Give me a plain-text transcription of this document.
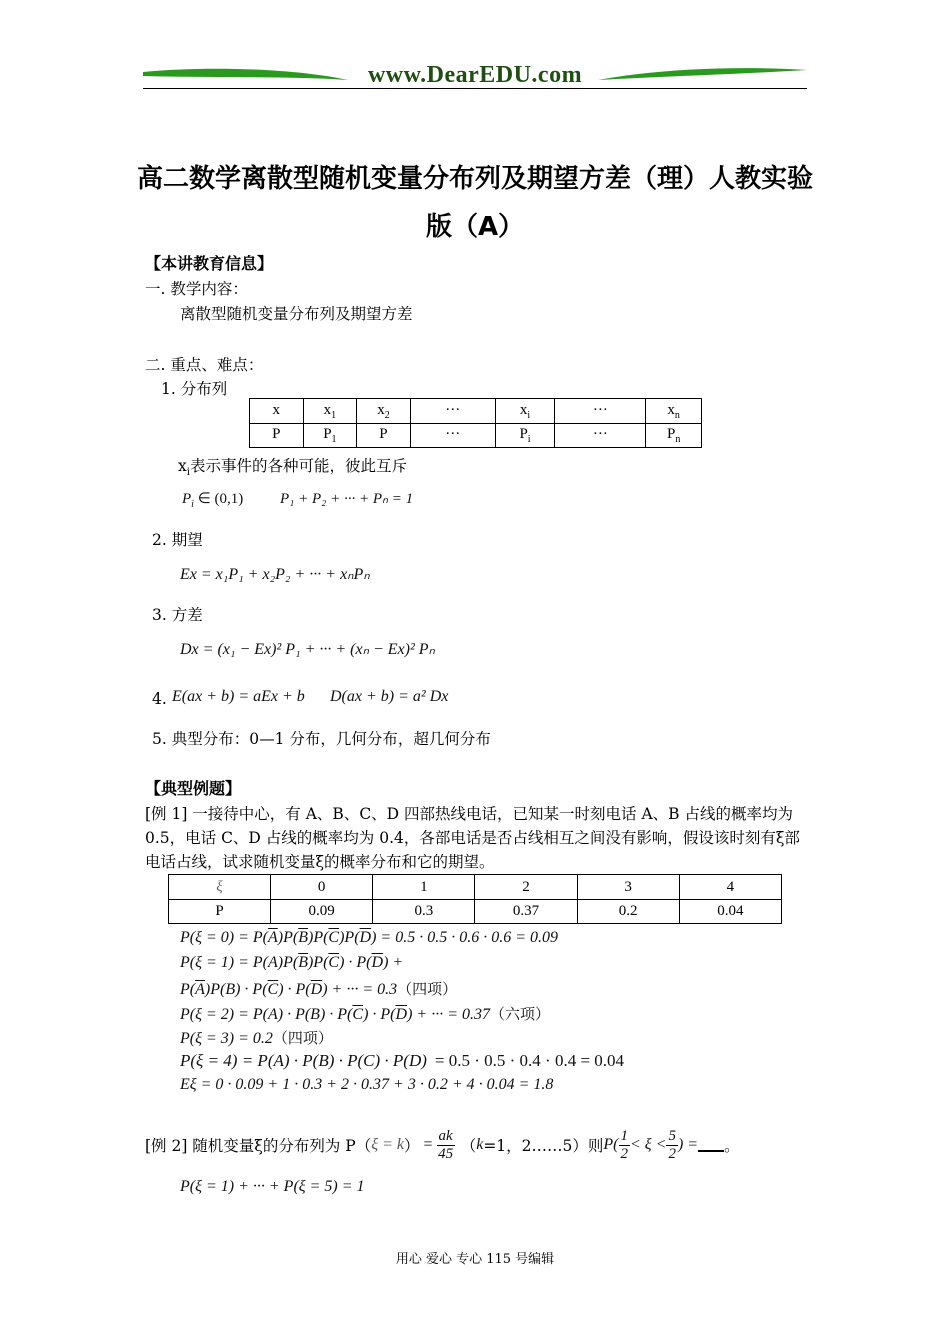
www.DearEDU.com
高二数学离散型随机变量分布列及期望方差（理）人教实验
版（A）
【本讲教育信息】
一. 教学内容：
离散型随机变量分布列及期望方差
二. 重点、难点：
1. 分布列
x	$x_1$	$x_2$	···	$x_i$	···	$x_n$
P	$P_1$	P	···	$P_i$	···	$P_n$
$x_i$表示事件的各种可能，彼此互斥
$P_i$ ∈ (0,1) P₁ + P₂ + ··· + Pₙ = 1
2. 期望
Ex = x₁P₁ + x₂P₂ + ··· + xₙPₙ
3. 方差
Dx = (x₁ − Ex)² P₁ + ··· + (xₙ − Ex)² Pₙ
4. E(ax + b) = aEx + b D(ax + b) = a² Dx
5. 典型分布：0—1 分布，几何分布，超几何分布
【典型例题】
[例 1] 一接待中心，有 A、B、C、D 四部热线电话，已知某一时刻电话 A、B 占线的概率均为
0.5，电话 C、D 占线的概率均为 0.4，各部电话是否占线相互之间没有影响，假设该时刻有ξ部
电话占线，试求随机变量ξ的概率分布和它的期望。
ξ	0	1	2	3	4
P	0.09	0.3	0.37	0.2	0.04
$P(\xi = 0) = P(\overline{A})P(\overline{B})P(\overline{C})P(\overline{D}) = 0.5 \cdot 0.5 \cdot 0.6 \cdot 0.6 = 0.09$
$P(\xi = 1) = P(A)P(\overline{B})P(\overline{C}) \cdot P(\overline{D})$ +
$P(\overline{A})P(B) \cdot P(\overline{C}) \cdot P(\overline{D})$ + ··· = 0.3（四项）
$P(\xi = 2) = P(A) \cdot P(B) \cdot P(\overline{C}) \cdot P(\overline{D})$ + ··· = 0.37（六项）
P(ξ = 3) = 0.2（四项）
P(ξ = 4) = P(A) · P(B) · P(C) · P(D) = 0.5 · 0.5 · 0.4 · 0.4 = 0.04
Eξ = 0 · 0.09 + 1 · 0.3 + 2 · 0.37 + 3 · 0.2 + 4 · 0.04 = 1.8
[例 2] 随机变量ξ的分布列为 P（ ξ = k ） = $\frac{ak}{45}$ （ k =1，2……5）则 $P( \frac{1}{2} < \xi < \frac{5}{2}$ ) = 。
P(ξ = 1) + ··· + P(ξ = 5) = 1
用心 爱心 专心 115 号编辑
